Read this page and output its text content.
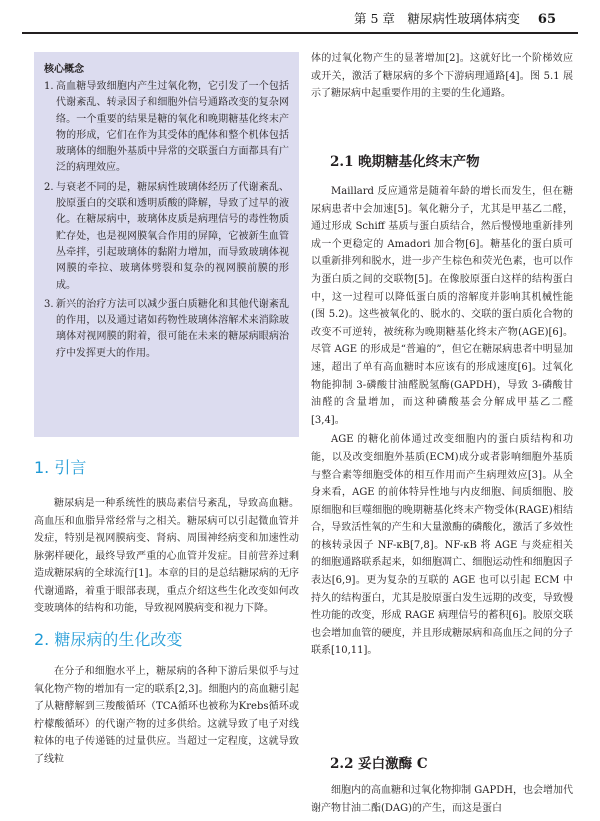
第 5 章　糖尿病性玻璃体病变 65
核心概念
1. 高血糖导致细胞内产生过氧化物，它引发了一个包括代谢紊乱、转录因子和细胞外信号通路改变的复杂网络。一个重要的结果是糖的氧化和晚期糖基化终末产物的形成，它们在作为其受体的配体和整个机体包括玻璃体的细胞外基质中异常的交联蛋白方面都具有广泛的病理效应。
2. 与衰老不同的是，糖尿病性玻璃体经历了代谢紊乱、胶原蛋白的交联和透明质酸的降解，导致了过早的液化。在糖尿病中，玻璃体皮质是病理信号的毒性物质贮存处，也是视网膜氧合作用的屏障，它被新生血管丛牵拌，引起玻璃体的黏附力增加，而导致玻璃体视网膜的牵拉、玻璃体劈裂和复杂的视网膜前膜的形成。
3. 新兴的治疗方法可以减少蛋白质糖化和其他代谢紊乱的作用，以及通过诸如药物性玻璃体溶解术来消除玻璃体对视网膜的附着，很可能在未来的糖尿病眼病治疗中发挥更大的作用。
1. 引言

糖尿病是一种系统性的胰岛素信号紊乱，导致高血糖。高血压和血脂异常经常与之相关。糖尿病可以引起微血管并发症，特别是视网膜病变、肾病、周围神经病变和加速性动脉粥样硬化，最终导致严重的心血管并发症。目前营养过剩造成糖尿病的全球流行[1]。本章的目的是总结糖尿病的无序代谢通路，着重于眼部表现，重点介绍这些生化改变如何改变玻璃体的结构和功能，导致视网膜病变和视力下降。

2. 糖尿病的生化改变

在分子和细胞水平上，糖尿病的各种下游后果似乎与过氧化物产物的增加有一定的联系[2,3]。细胞内的高血糖引起了从糖酵解到三羧酸循环（TCA循环也被称为Krebs循环或柠檬酸循环）的代谢产物的过多供给。这就导致了电子对线粒体的电子传递链的过量供应。当超过一定程度，这就导致了线粒

体的过氧化物产生的显著增加[2]。这就好比一个阶梯效应或开关，激活了糖尿病的多个下游病理通路[4]。图 5.1 展示了糖尿病中起重要作用的主要的生化通路。

2.1 晚期糖基化终末产物

Maillard 反应通常是随着年龄的增长而发生，但在糖尿病患者中会加速[5]。氧化糖分子，尤其是甲基乙二醛，通过形成 Schiff 基质与蛋白质结合，然后慢慢地重新排列成一个更稳定的 Amadori 加合物[6]。糖基化的蛋白质可以重新排列和脱水，进一步产生棕色和荧光色素，也可以作为蛋白质之间的交联物[5]。在像胶原蛋白这样的结构蛋白中，这一过程可以降低蛋白质的溶解度并影响其机械性能(图 5.2)。这些被氧化的、脱水的、交联的蛋白质化合物的改变不可逆转，被统称为晚期糖基化终末产物(AGE)[6]。尽管 AGE 的形成是“普遍的”，但它在糖尿病患者中明显加速，超出了单有高血糖时本应该有的形成速度[6]。过氧化物能抑制 3-磷酸甘油醛脱氢酶(GAPDH)，导致 3-磷酸甘油醛的含量增加，而这种磷酸基会分解成甲基乙二醛[3,4]。

AGE 的糖化前体通过改变细胞内的蛋白质结构和功能，以及改变细胞外基质(ECM)成分或者影响细胞外基质与整合素等细胞受体的相互作用而产生病理效应[3]。从全身来看，AGE 的前体特异性地与内皮细胞、间质细胞、胶原细胞和巨噬细胞的晚期糖基化终末产物受体(RAGE)相结合，导致活性氧的产生和大量激酶的磷酸化，激活了多效性的核转录因子 NF-κB[7,8]。NF-κB 将 AGE 与炎症相关的细胞通路联系起来，如细胞凋亡、细胞运动性和细胞因子表达[6,9]。更为复杂的互联的 AGE 也可以引起 ECM 中持久的结构蛋白，尤其是胶原蛋白发生远期的改变，导致慢性功能的改变，形成 RAGE 病理信号的蓄积[6]。胶原交联也会增加血管的硬度，并且形成糖尿病和高血压之间的分子联系[10,11]。

2.2 妥白激酶 C

细胞内的高血糖和过氧化物抑制 GAPDH，也会增加代谢产物甘油二酯(DAG)的产生，而这是蛋白
